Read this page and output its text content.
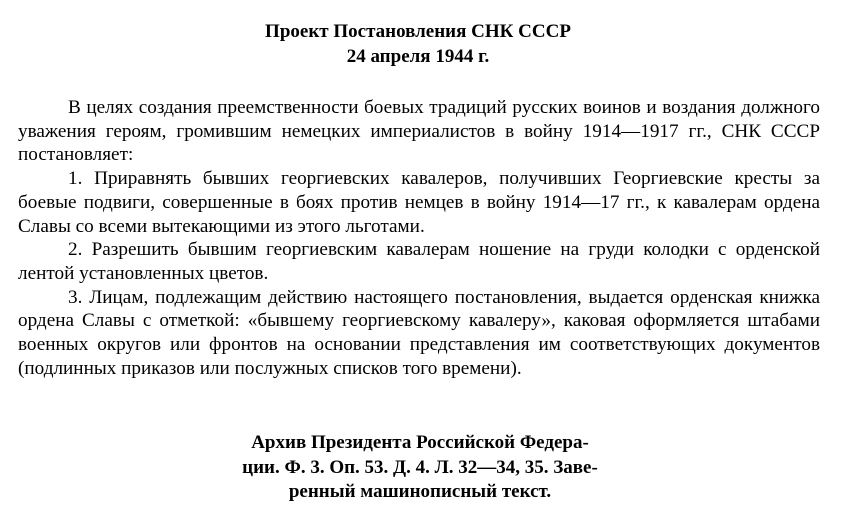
Проект Постановления СНК СССР
24 апреля 1944 г.

В целях создания преемственности боевых традиций русских воинов и воздания должного уважения героям, громившим немецких империалистов в войну 1914—1917 гг., СНК СССР постановляет:

1. Приравнять бывших георгиевских кавалеров, получивших Георгиевские кресты за боевые подвиги, совершенные в боях против немцев в войну 1914—17 гг., к кавалерам ордена Славы со всеми вытекающими из этого льготами.

2. Разрешить бывшим георгиевским кавалерам ношение на груди колодки с орденской лентой установленных цветов.

3. Лицам, подлежащим действию настоящего постановления, выдается орденская книжка ордена Славы с отметкой: «бывшему георгиевскому кавалеру», каковая оформляется штабами военных округов или фронтов на основании представления им соответствующих документов (подлинных приказов или послужных списков того времени).

Архив Президента Российской Федера-
ции. Ф. 3. Оп. 53. Д. 4. Л. 32—34, 35. Заве-
ренный машинописный текст.
